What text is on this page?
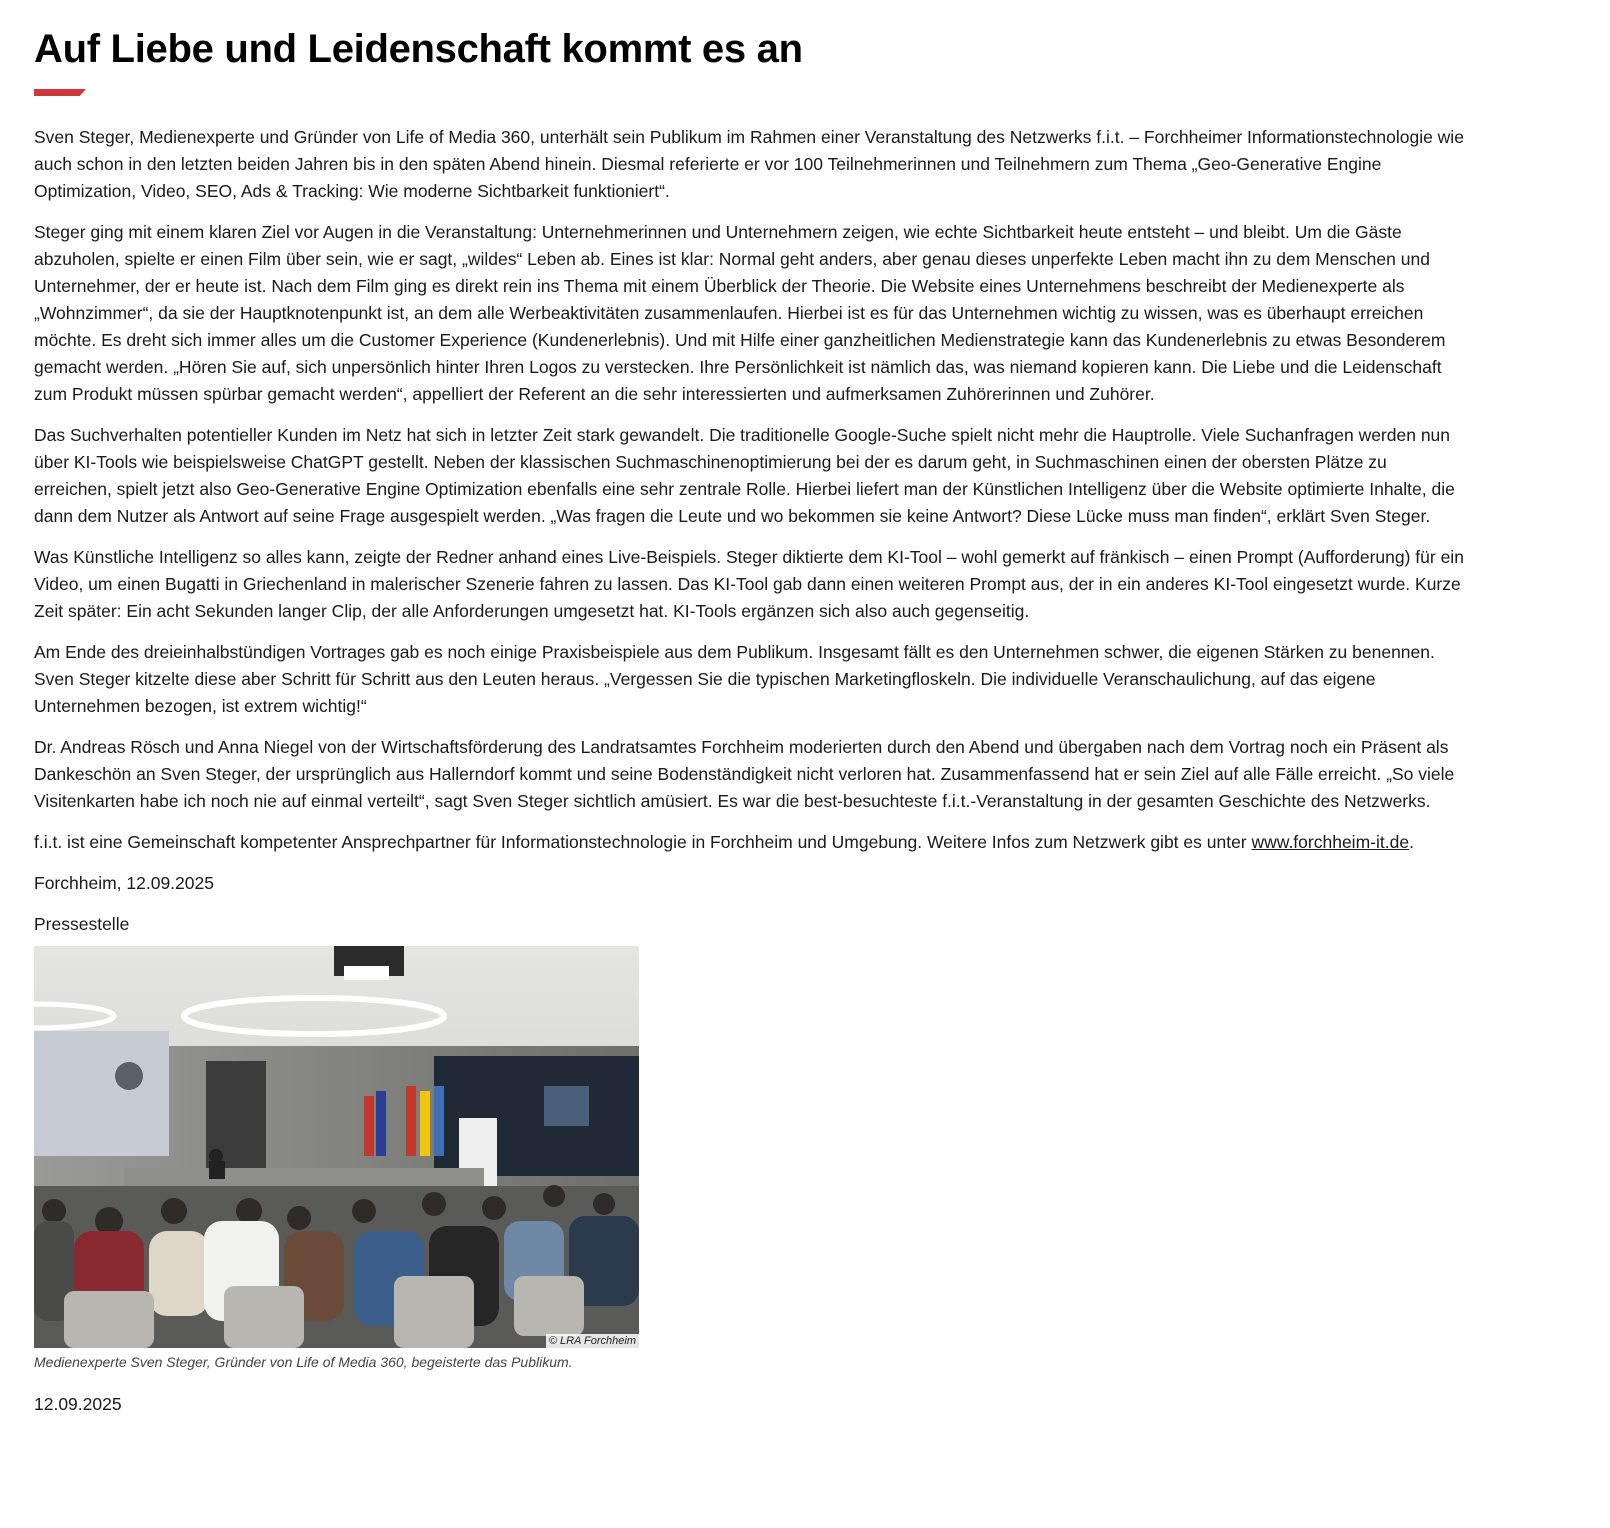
Auf Liebe und Leidenschaft kommt es an

Sven Steger, Medienexperte und Gründer von Life of Media 360, unterhält sein Publikum im Rahmen einer Veranstaltung des Netzwerks f.i.t. – Forchheimer Informationstechnologie wie auch schon in den letzten beiden Jahren bis in den späten Abend hinein. Diesmal referierte er vor 100 Teilnehmerinnen und Teilnehmern zum Thema „Geo-Generative Engine Optimization, Video, SEO, Ads & Tracking: Wie moderne Sichtbarkeit funktioniert“.

Steger ging mit einem klaren Ziel vor Augen in die Veranstaltung: Unternehmerinnen und Unternehmern zeigen, wie echte Sichtbarkeit heute entsteht – und bleibt. Um die Gäste abzuholen, spielte er einen Film über sein, wie er sagt, „wildes“ Leben ab. Eines ist klar: Normal geht anders, aber genau dieses unperfekte Leben macht ihn zu dem Menschen und Unternehmer, der er heute ist. Nach dem Film ging es direkt rein ins Thema mit einem Überblick der Theorie. Die Website eines Unternehmens beschreibt der Medienexperte als „Wohnzimmer“, da sie der Hauptknotenpunkt ist, an dem alle Werbeaktivitäten zusammenlaufen. Hierbei ist es für das Unternehmen wichtig zu wissen, was es überhaupt erreichen möchte. Es dreht sich immer alles um die Customer Experience (Kundenerlebnis). Und mit Hilfe einer ganzheitlichen Medienstrategie kann das Kundenerlebnis zu etwas Besonderem gemacht werden. „Hören Sie auf, sich unpersönlich hinter Ihren Logos zu verstecken. Ihre Persönlichkeit ist nämlich das, was niemand kopieren kann. Die Liebe und die Leidenschaft zum Produkt müssen spürbar gemacht werden“, appelliert der Referent an die sehr interessierten und aufmerksamen Zuhörerinnen und Zuhörer.

Das Suchverhalten potentieller Kunden im Netz hat sich in letzter Zeit stark gewandelt. Die traditionelle Google-Suche spielt nicht mehr die Hauptrolle. Viele Suchanfragen werden nun über KI-Tools wie beispielsweise ChatGPT gestellt. Neben der klassischen Suchmaschinenoptimierung bei der es darum geht, in Suchmaschinen einen der obersten Plätze zu erreichen, spielt jetzt also Geo-Generative Engine Optimization ebenfalls eine sehr zentrale Rolle. Hierbei liefert man der Künstlichen Intelligenz über die Website optimierte Inhalte, die dann dem Nutzer als Antwort auf seine Frage ausgespielt werden. „Was fragen die Leute und wo bekommen sie keine Antwort? Diese Lücke muss man finden“, erklärt Sven Steger.

Was Künstliche Intelligenz so alles kann, zeigte der Redner anhand eines Live-Beispiels. Steger diktierte dem KI-Tool – wohl gemerkt auf fränkisch – einen Prompt (Aufforderung) für ein Video, um einen Bugatti in Griechenland in malerischer Szenerie fahren zu lassen. Das KI-Tool gab dann einen weiteren Prompt aus, der in ein anderes KI-Tool eingesetzt wurde. Kurze Zeit später: Ein acht Sekunden langer Clip, der alle Anforderungen umgesetzt hat. KI-Tools ergänzen sich also auch gegenseitig.

Am Ende des dreieinhalbstündigen Vortrages gab es noch einige Praxisbeispiele aus dem Publikum. Insgesamt fällt es den Unternehmen schwer, die eigenen Stärken zu benennen. Sven Steger kitzelte diese aber Schritt für Schritt aus den Leuten heraus. „Vergessen Sie die typischen Marketingfloskeln. Die individuelle Veranschaulichung, auf das eigene Unternehmen bezogen, ist extrem wichtig!“

Dr. Andreas Rösch und Anna Niegel von der Wirtschaftsförderung des Landratsamtes Forchheim moderierten durch den Abend und übergaben nach dem Vortrag noch ein Präsent als Dankeschön an Sven Steger, der ursprünglich aus Hallerndorf kommt und seine Bodenständigkeit nicht verloren hat. Zusammenfassend hat er sein Ziel auf alle Fälle erreicht. „So viele Visitenkarten habe ich noch nie auf einmal verteilt“, sagt Sven Steger sichtlich amüsiert. Es war die best-besuchteste f.i.t.-Veranstaltung in der gesamten Geschichte des Netzwerks.

f.i.t. ist eine Gemeinschaft kompetenter Ansprechpartner für Informationstechnologie in Forchheim und Umgebung. Weitere Infos zum Netzwerk gibt es unter www.forchheim-it.de.

Forchheim, 12.09.2025

Pressestelle

© LRA Forchheim
Medienexperte Sven Steger, Gründer von Life of Media 360, begeisterte das Publikum.
12.09.2025
